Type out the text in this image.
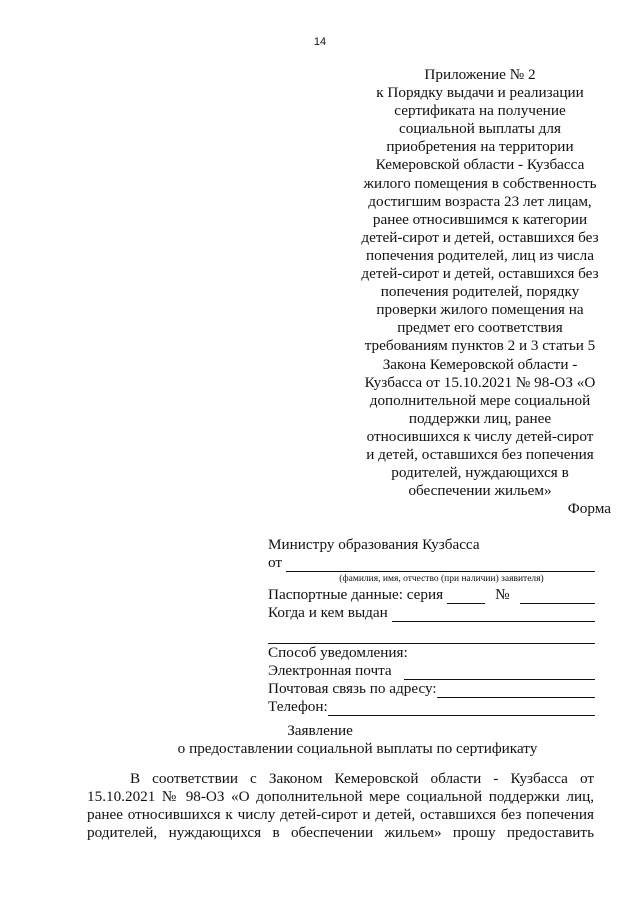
14
Приложение № 2
к Порядку выдачи и реализации
сертификата на получение
социальной выплаты для
приобретения на территории
Кемеровской области - Кузбасса
жилого помещения в собственность
достигшим возраста 23 лет лицам,
ранее относившимся к категории
детей-сирот и детей, оставшихся без
попечения родителей, лиц из числа
детей-сирот и детей, оставшихся без
попечения родителей, порядку
проверки жилого помещения на
предмет его соответствия
требованиям пунктов 2 и 3 статьи 5
Закона Кемеровской области -
Кузбасса от 15.10.2021 № 98-ОЗ «О
дополнительной мере социальной
поддержки лиц, ранее
относившихся к числу детей-сирот
и детей, оставшихся без попечения
родителей, нуждающихся в
обеспечении жильем»
Форма
Министру образования Кузбасса
от
(фамилия, имя, отчество (при наличии) заявителя)
Паспортные данные: серия	№
Когда и кем выдан
Способ уведомления:
Электронная почта
Почтовая связь по адресу:
Телефон:
Заявление
о предоставлении социальной выплаты по сертификату
В соответствии с Законом Кемеровской области - Кузбасса от
15.10.2021 № 98-ОЗ «О дополнительной мере социальной поддержки лиц,
ранее относившихся к числу детей-сирот и детей, оставшихся без попечения
родителей, нуждающихся в обеспечении жильем» прошу предоставить
